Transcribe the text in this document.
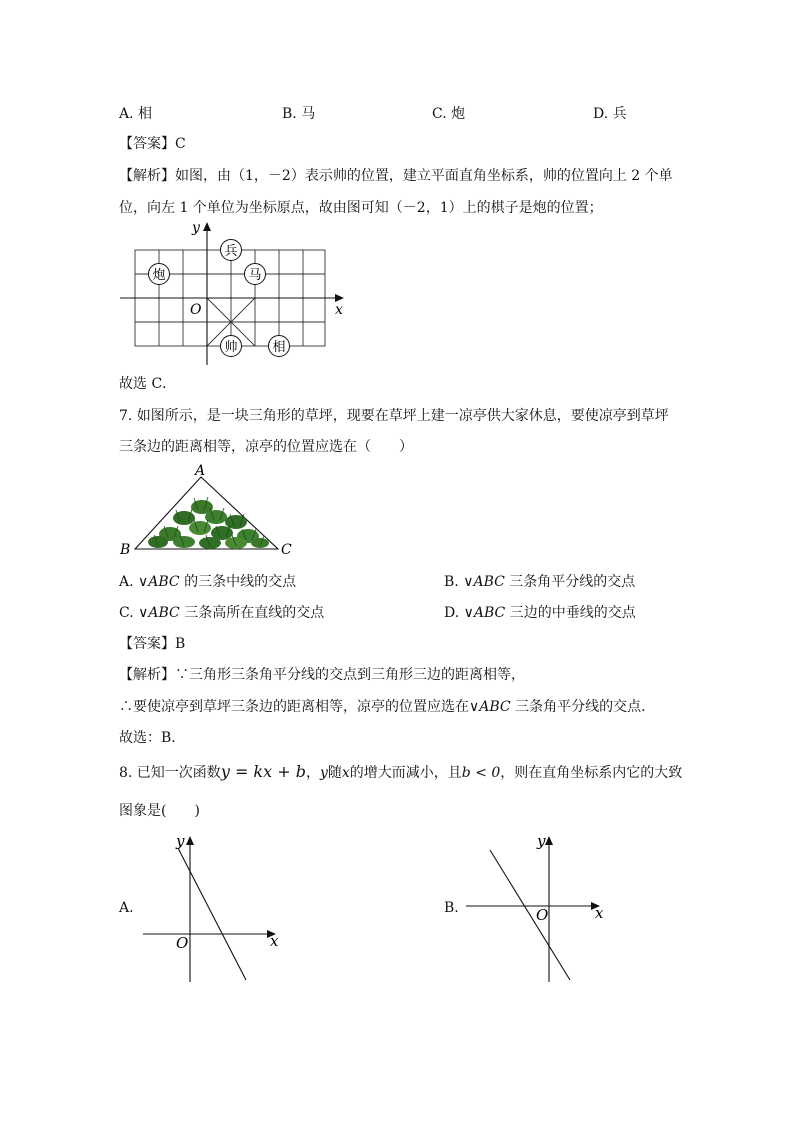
A. 相	B. 马	C. 炮	D. 兵
【答案】C
【解析】如图，由（1，－2）表示帅的位置，建立平面直角坐标系，帅的位置向上 2 个单
位，向左 1 个单位为坐标原点，故由图可知（－2，1）上的棋子是炮的位置；
x
y
O
兵
炮	马
帅	相
故选 C．
7. 如图所示，是一块三角形的草坪，现要在草坪上建一凉亭供大家休息，要使凉亭到草坪
三条边的距离相等，凉亭的位置应选在（　　）
A
B	C
A. ∨ABC 的三条中线的交点	B. ∨ABC 三条角平分线的交点
C. ∨ABC 三条高所在直线的交点	D. ∨ABC 三边的中垂线的交点
【答案】B
【解析】∵三角形三条角平分线的交点到三角形三边的距离相等，
∴要使凉亭到草坪三条边的距离相等，凉亭的位置应选在∨ABC 三条角平分线的交点．
故选：B．
8. 已知一次函数y = kx + b，y随x的增大而减小，且b < 0，则在直角坐标系内它的大致
图象是(　　)
A.
x
y
O
B.	x
y
O
